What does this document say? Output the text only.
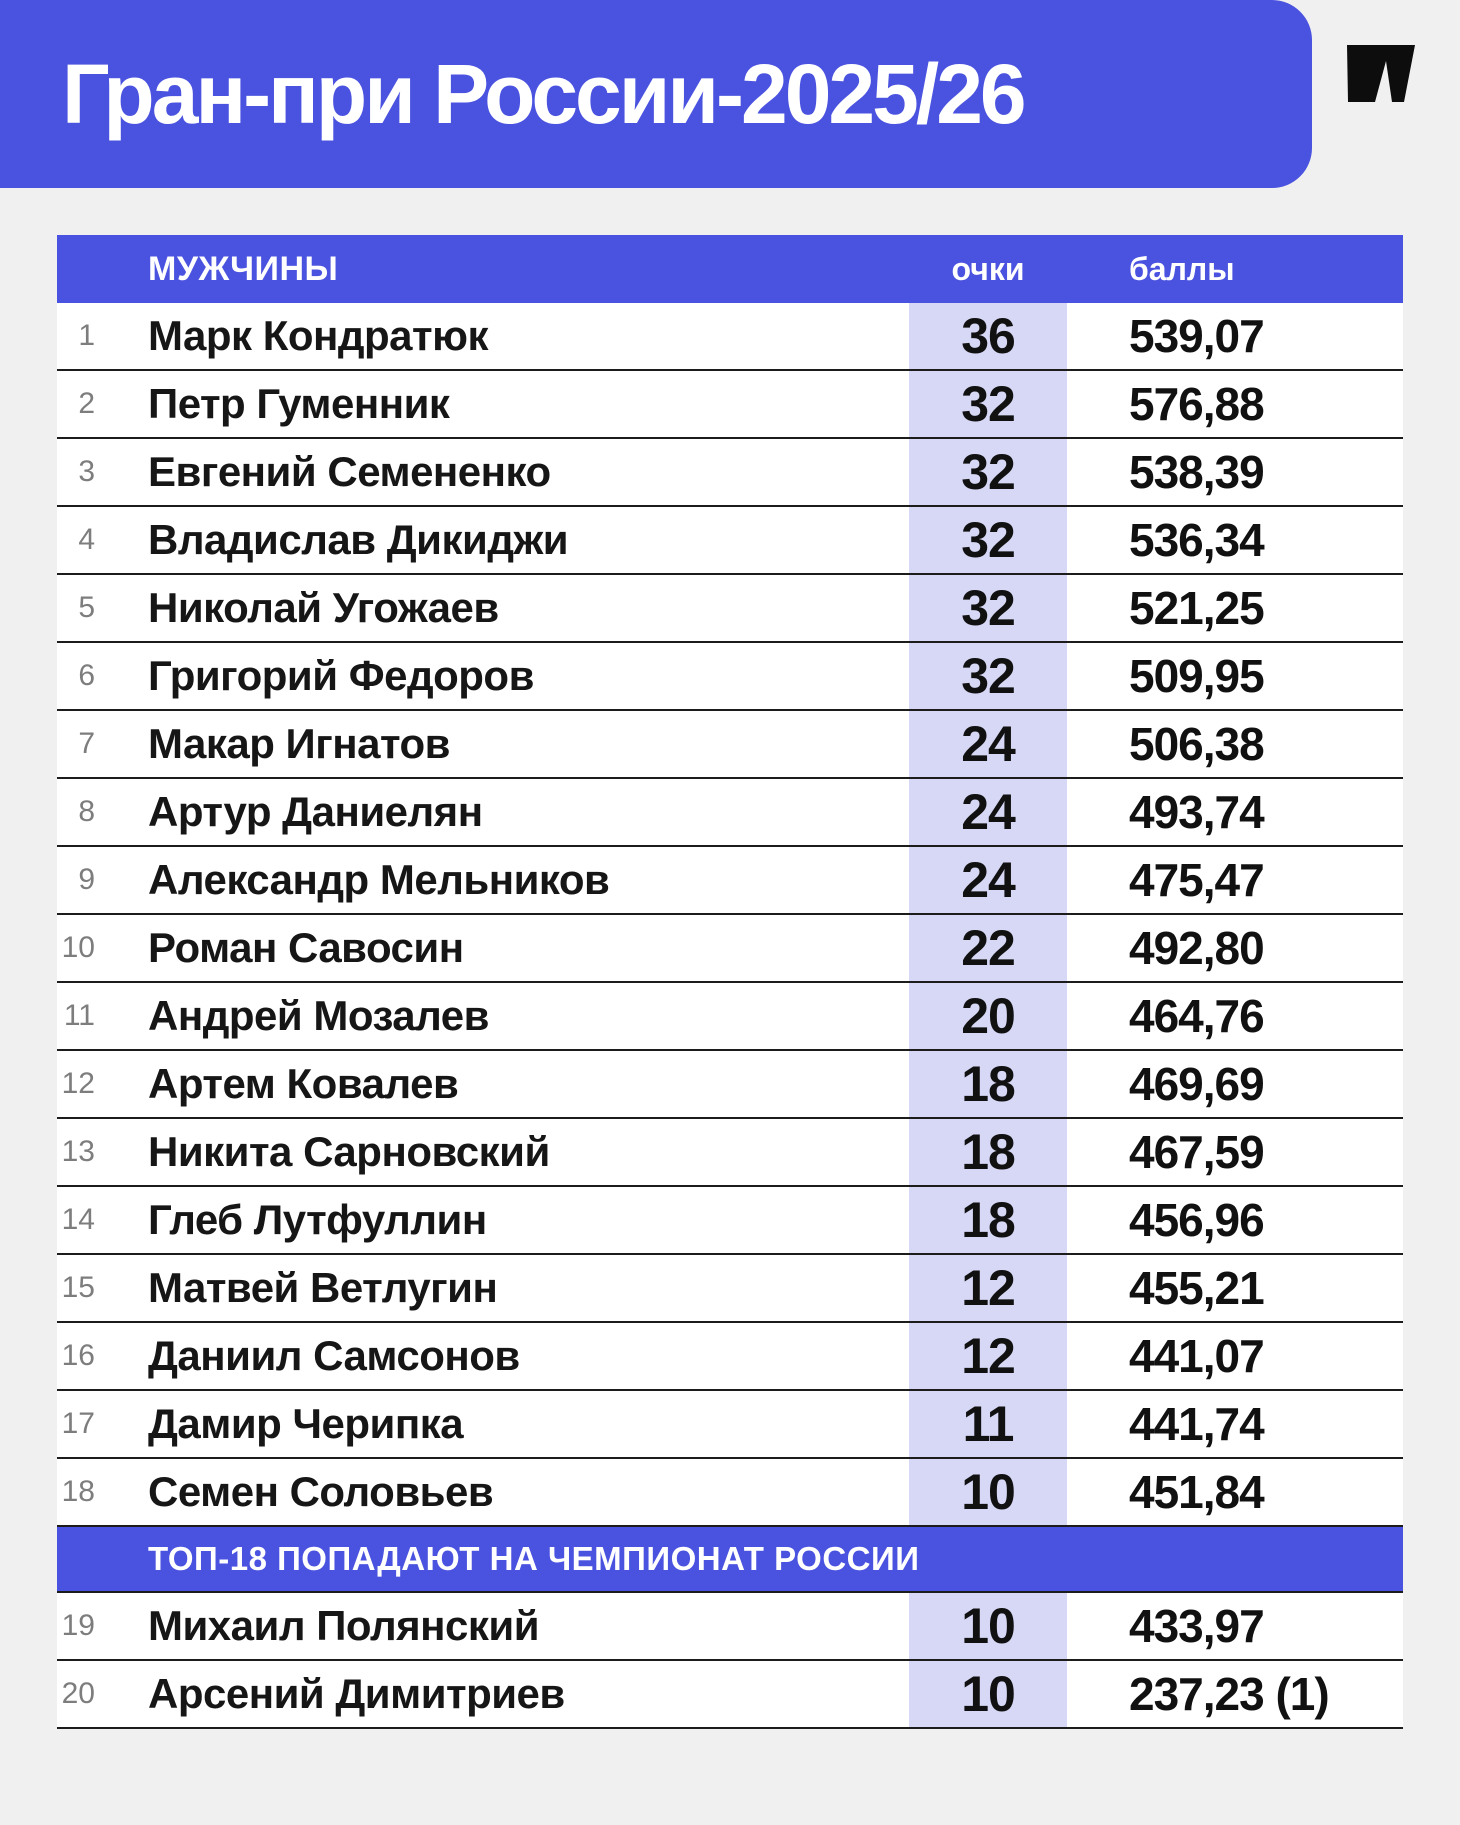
Гран-при России-2025/26
МУЖЧИНЫ	очки	баллы
1 Марк Кондратюк	36	539,07
2 Петр Гуменник	32	576,88
3 Евгений Семененко	32	538,39
4 Владислав Дикиджи	32	536,34
5 Николай Угожаев	32	521,25
6 Григорий Федоров	32	509,95
7 Макар Игнатов	24	506,38
8 Артур Даниелян	24	493,74
9 Александр Мельников	24	475,47
10 Роман Савосин	22	492,80
11 Андрей Мозалев	20	464,76
12 Артем Ковалев	18	469,69
13 Никита Сарновский	18	467,59
14 Глеб Лутфуллин	18	456,96
15 Матвей Ветлугин	12	455,21
16 Даниил Самсонов	12	441,07
17 Дамир Черипка	11	441,74
18 Семен Соловьев	10	451,84
ТОП-18 ПОПАДАЮТ НА ЧЕМПИОНАТ РОССИИ
19 Михаил Полянский	10	433,97
20 Арсений Димитриев	10	237,23 (1)
